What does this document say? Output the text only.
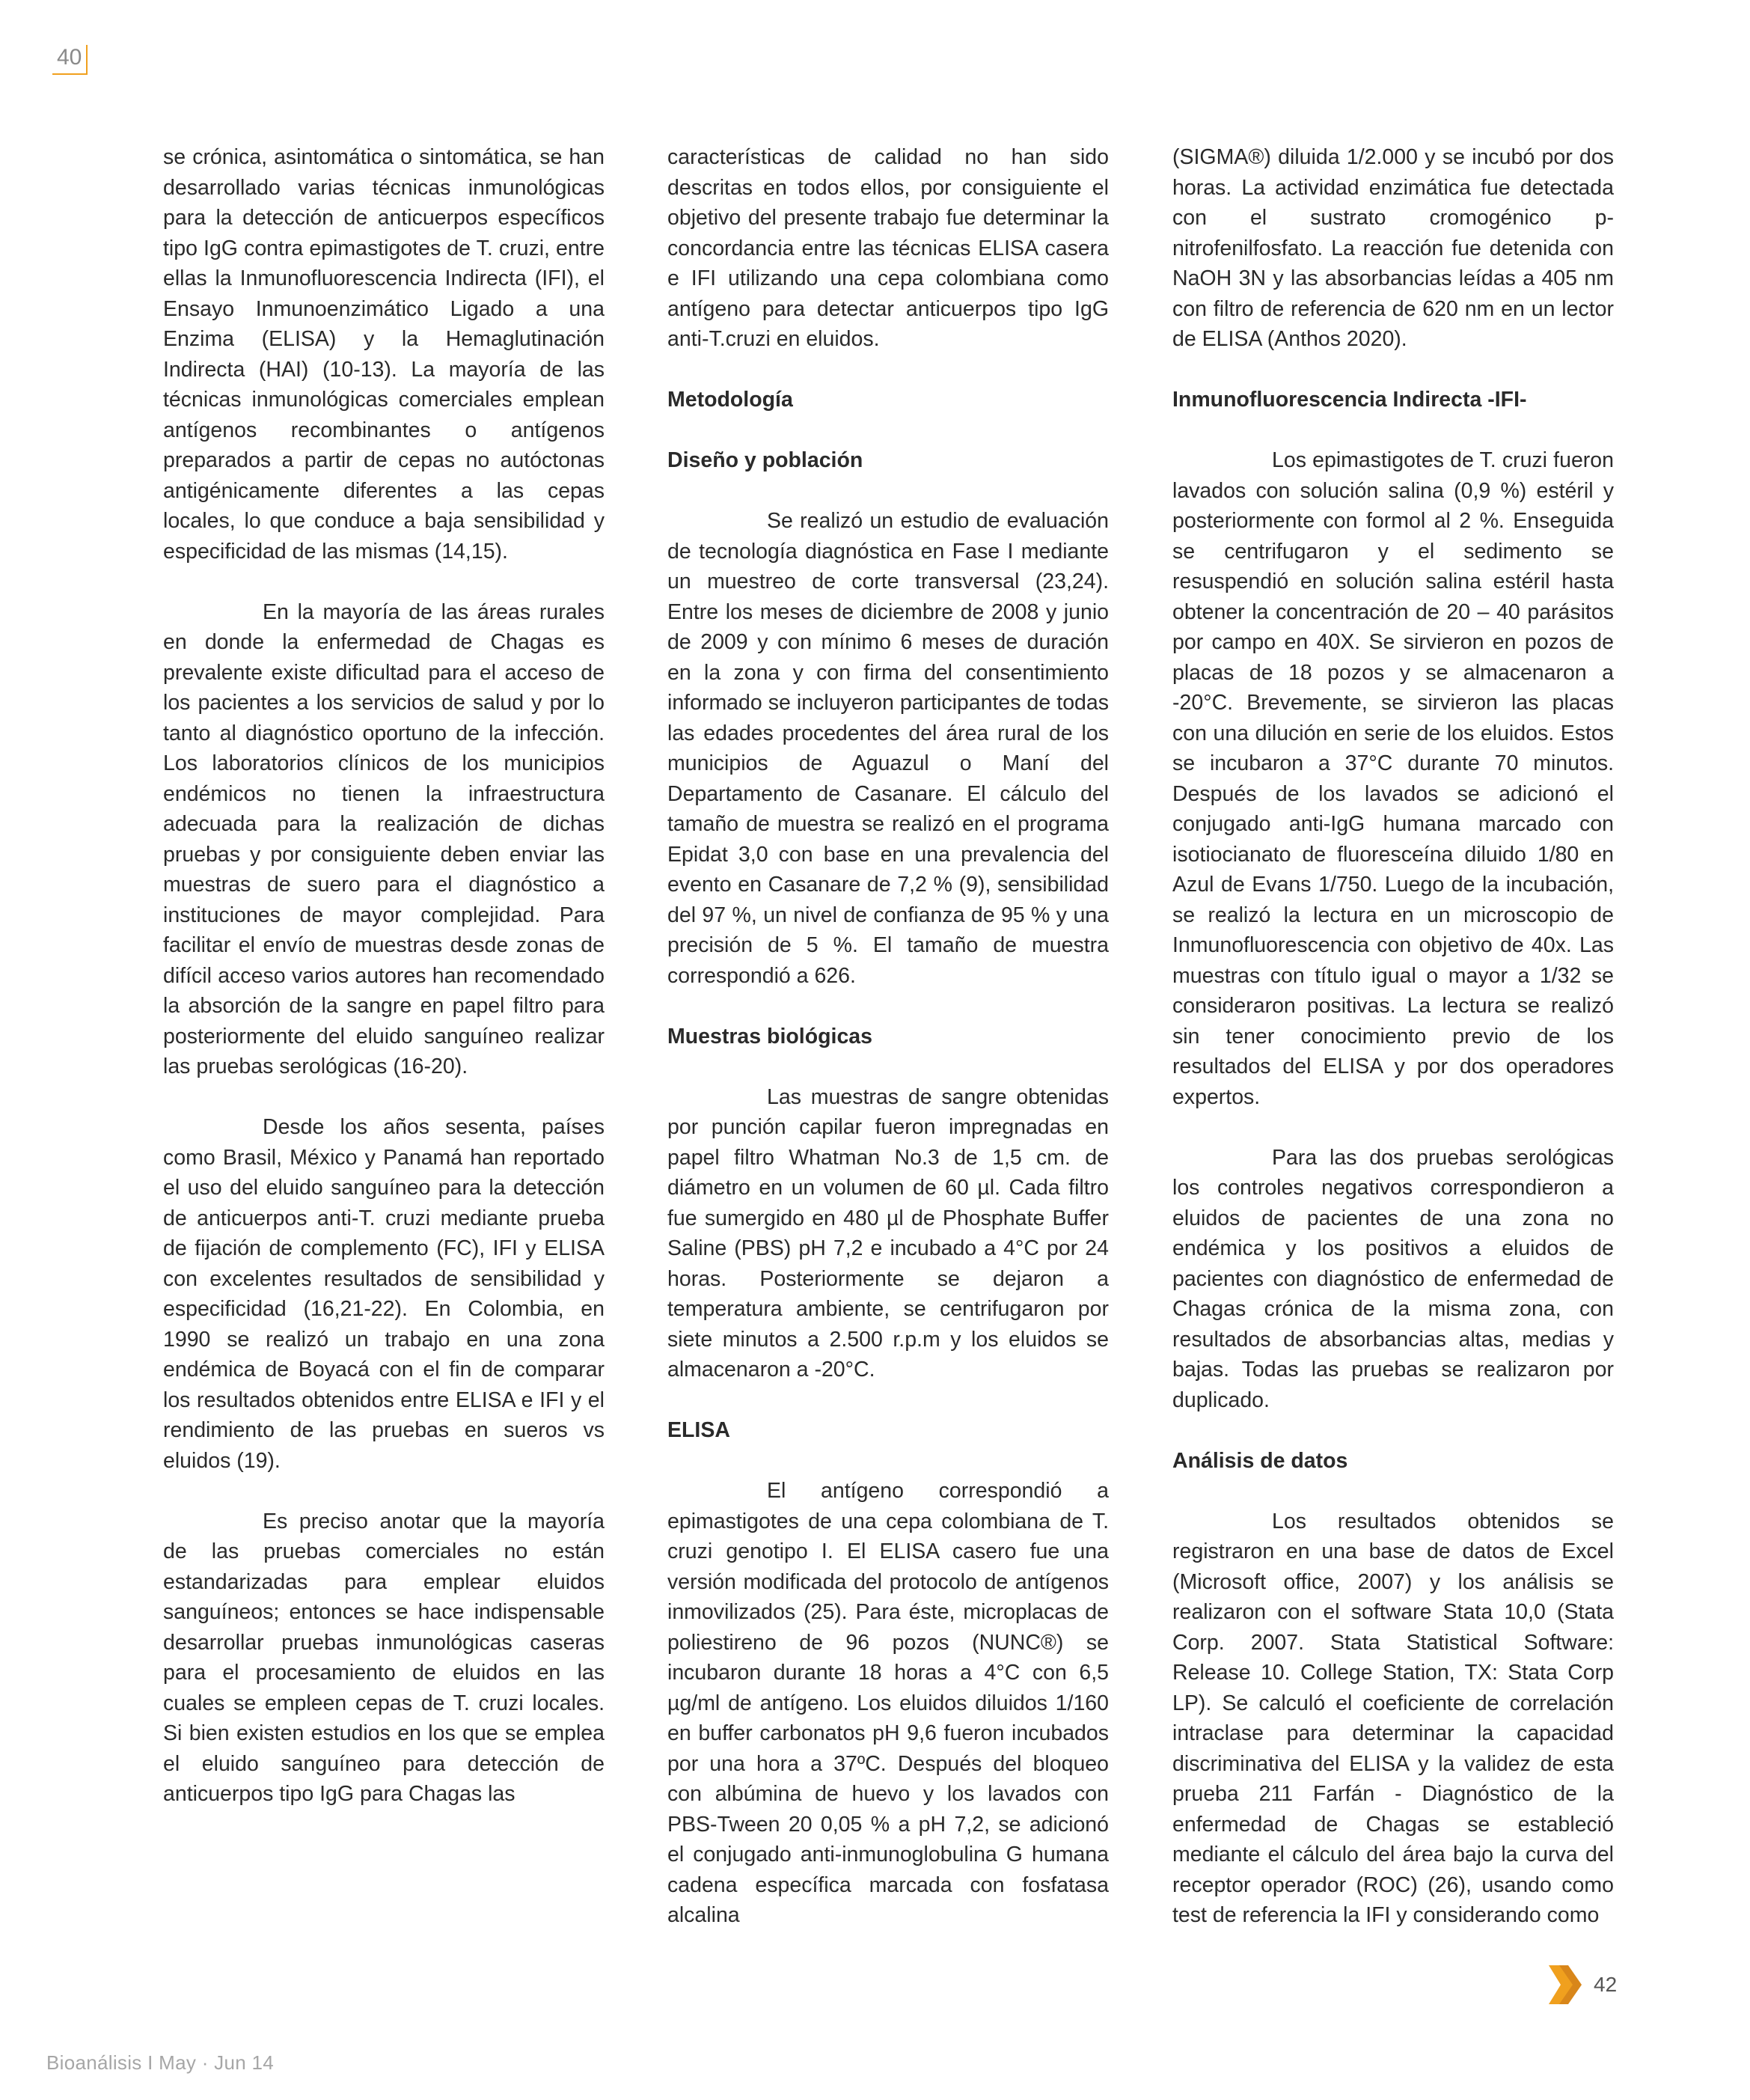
40

se crónica, asintomática o sintomática, se han desarrollado varias técnicas inmunológicas para la detección de anticuerpos específicos tipo IgG contra epimastigotes de T. cruzi, entre ellas la Inmunofluorescencia Indirecta (IFI), el Ensayo Inmunoenzimático Ligado a una Enzima (ELISA) y la Hemaglutinación Indirecta (HAI) (10-13). La mayoría de las técnicas inmunológicas comerciales emplean antígenos recombinantes o antígenos preparados a partir de cepas no autóctonas antigénicamente diferentes a las cepas locales, lo que conduce a baja sensibilidad y especificidad de las mismas (14,15).

En la mayoría de las áreas rurales en donde la enfermedad de Chagas es prevalente existe dificultad para el acceso de los pacientes a los servicios de salud y por lo tanto al diagnóstico oportuno de la infección. Los laboratorios clínicos de los municipios endémicos no tienen la infraestructura adecuada para la realización de dichas pruebas y por consiguiente deben enviar las muestras de suero para el diagnóstico a instituciones de mayor complejidad. Para facilitar el envío de muestras desde zonas de difícil acceso varios autores han recomendado la absorción de la sangre en papel filtro para posteriormente del eluido sanguíneo realizar las pruebas serológicas (16-20).

Desde los años sesenta, países como Brasil, México y Panamá han reportado el uso del eluido sanguíneo para la detección de anticuerpos anti-T. cruzi mediante prueba de fijación de complemento (FC), IFI y ELISA con excelentes resultados de sensibilidad y especificidad (16,21-22). En Colombia, en 1990 se realizó un trabajo en una zona endémica de Boyacá con el fin de comparar los resultados obtenidos entre ELISA e IFI y el rendimiento de las pruebas en sueros vs eluidos (19).

Es preciso anotar que la mayoría de las pruebas comerciales no están estandarizadas para emplear eluidos sanguíneos; entonces se hace indispensable desarrollar pruebas inmunológicas caseras para el procesamiento de eluidos en las cuales se empleen cepas de T. cruzi locales. Si bien existen estudios en los que se emplea el eluido sanguíneo para detección de anticuerpos tipo IgG para Chagas las

características de calidad no han sido descritas en todos ellos, por consiguiente el objetivo del presente trabajo fue determinar la concordancia entre las técnicas ELISA casera e IFI utilizando una cepa colombiana como antígeno para detectar anticuerpos tipo IgG anti-T.cruzi en eluidos.

Metodología
Diseño y población

Se realizó un estudio de evaluación de tecnología diagnóstica en Fase I mediante un muestreo de corte transversal (23,24). Entre los meses de diciembre de 2008 y junio de 2009 y con mínimo 6 meses de duración en la zona y con firma del consentimiento informado se incluyeron participantes de todas las edades procedentes del área rural de los municipios de Aguazul o Maní del Departamento de Casanare. El cálculo del tamaño de muestra se realizó en el programa Epidat 3,0 con base en una prevalencia del evento en Casanare de 7,2 % (9), sensibilidad del 97 %, un nivel de confianza de 95 % y una precisión de 5 %. El tamaño de muestra correspondió a 626.

Muestras biológicas

Las muestras de sangre obtenidas por punción capilar fueron impregnadas en papel filtro Whatman No.3 de 1,5 cm. de diámetro en un volumen de 60 µl. Cada filtro fue sumergido en 480 µl de Phosphate Buffer Saline (PBS) pH 7,2 e incubado a 4°C por 24 horas. Posteriormente se dejaron a temperatura ambiente, se centrifugaron por siete minutos a 2.500 r.p.m y los eluidos se almacenaron a -20°C.

ELISA

El antígeno correspondió a epimastigotes de una cepa colombiana de T. cruzi genotipo I. El ELISA casero fue una versión modificada del protocolo de antígenos inmovilizados (25). Para éste, microplacas de poliestireno de 96 pozos (NUNC®) se incubaron durante 18 horas a 4°C con 6,5 µg/ml de antígeno. Los eluidos diluidos 1/160 en buffer carbonatos pH 9,6 fueron incubados por una hora a 37ºC. Después del bloqueo con albúmina de huevo y los lavados con PBS-Tween 20 0,05 % a pH 7,2, se adicionó el conjugado anti-inmunoglobulina G humana cadena específica marcada con fosfatasa alcalina

(SIGMA®) diluida 1/2.000 y se incubó por dos horas. La actividad enzimática fue detectada con el sustrato cromogénico p-nitrofenilfosfato. La reacción fue detenida con NaOH 3N y las absorbancias leídas a 405 nm con filtro de referencia de 620 nm en un lector de ELISA (Anthos 2020).

Inmunofluorescencia Indirecta -IFI-

Los epimastigotes de T. cruzi fueron lavados con solución salina (0,9 %) estéril y posteriormente con formol al 2 %. Enseguida se centrifugaron y el sedimento se resuspendió en solución salina estéril hasta obtener la concentración de 20 – 40 parásitos por campo en 40X. Se sirvieron en pozos de placas de 18 pozos y se almacenaron a -20°C. Brevemente, se sirvieron las placas con una dilución en serie de los eluidos. Estos se incubaron a 37°C durante 70 minutos. Después de los lavados se adicionó el conjugado anti-IgG humana marcado con isotiocianato de fluoresceína diluido 1/80 en Azul de Evans 1/750. Luego de la incubación, se realizó la lectura en un microscopio de Inmunofluorescencia con objetivo de 40x. Las muestras con título igual o mayor a 1/32 se consideraron positivas. La lectura se realizó sin tener conocimiento previo de los resultados del ELISA y por dos operadores expertos.

Para las dos pruebas serológicas los controles negativos correspondieron a eluidos de pacientes de una zona no endémica y los positivos a eluidos de pacientes con diagnóstico de enfermedad de Chagas crónica de la misma zona, con resultados de absorbancias altas, medias y bajas. Todas las pruebas se realizaron por duplicado.

Análisis de datos

Los resultados obtenidos se registraron en una base de datos de Excel (Microsoft office, 2007) y los análisis se realizaron con el software Stata 10,0 (Stata Corp. 2007. Stata Statistical Software: Release 10. College Station, TX: Stata Corp LP). Se calculó el coeficiente de correlación intraclase para determinar la capacidad discriminativa del ELISA y la validez de esta prueba 211 Farfán - Diagnóstico de la enfermedad de Chagas se estableció mediante el cálculo del área bajo la curva del receptor operador (ROC) (26), usando como test de referencia la IFI y considerando como

42
Bioanálisis I May · Jun 14
